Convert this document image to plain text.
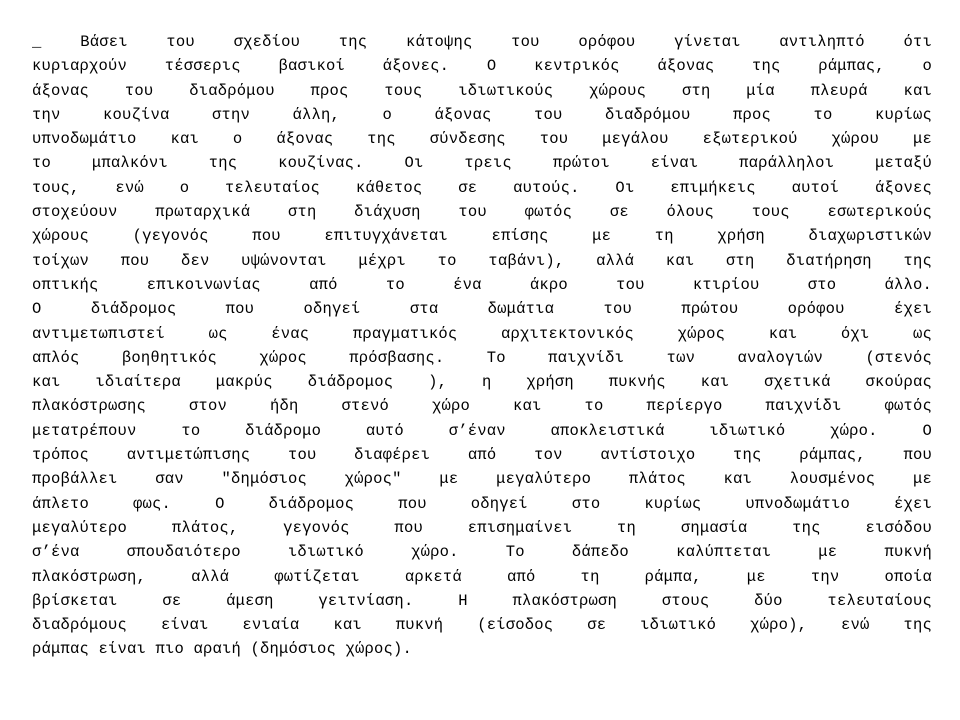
_ Βάσει του σχεδίου της κάτοψης του ορόφου γίνεται αντιληπτό ότι
κυριαρχούν τέσσερις βασικοί άξονες. Ο κεντρικός άξονας της ράμπας, ο
άξονας του διαδρόμου προς τους ιδιωτικούς χώρους στη μία πλευρά και
την κουζίνα στην άλλη, ο άξονας του διαδρόμου προς το κυρίως
υπνοδωμάτιο και ο άξονας της σύνδεσης του μεγάλου εξωτερικού χώρου με
το μπαλκόνι της κουζίνας. Οι τρεις πρώτοι είναι παράλληλοι μεταξύ
τους, ενώ ο τελευταίος κάθετος σε αυτούς. Οι επιμήκεις αυτοί άξονες
στοχεύουν πρωταρχικά στη διάχυση του φωτός σε όλους τους εσωτερικούς
χώρους (γεγονός που επιτυγχάνεται επίσης με τη χρήση διαχωριστικών
τοίχων που δεν υψώνονται μέχρι το ταβάνι), αλλά και στη διατήρηση της
οπτικής επικοινωνίας από το ένα άκρο του κτιρίου στο άλλο.
Ο διάδρομος που οδηγεί στα δωμάτια του πρώτου ορόφου έχει
αντιμετωπιστεί ως ένας πραγματικός αρχιτεκτονικός χώρος και όχι ως
απλός βοηθητικός χώρος πρόσβασης. Το παιχνίδι των αναλογιών (στενός
και ιδιαίτερα μακρύς διάδρομος ), η χρήση πυκνής και σχετικά σκούρας
πλακόστρωσης στον ήδη στενό χώρο και το περίεργο παιχνίδι φωτός
μετατρέπουν το διάδρομο αυτό σ’έναν αποκλειστικά ιδιωτικό χώρο. Ο
τρόπος αντιμετώπισης του διαφέρει από τον αντίστοιχο της ράμπας, που
προβάλλει σαν "δημόσιος χώρος" με μεγαλύτερο πλάτος και λουσμένος με
άπλετο φως. Ο διάδρομος που οδηγεί στο κυρίως υπνοδωμάτιο έχει
μεγαλύτερο πλάτος, γεγονός που επισημαίνει τη σημασία της εισόδου
σ’ένα σπουδαιότερο ιδιωτικό χώρο. Το δάπεδο καλύπτεται με πυκνή
πλακόστρωση, αλλά φωτίζεται αρκετά από τη ράμπα, με την οποία
βρίσκεται σε άμεση γειτνίαση. Η πλακόστρωση στους δύο τελευταίους
διαδρόμους είναι ενιαία και πυκνή (είσοδος σε ιδιωτικό χώρο), ενώ της
ράμπας είναι πιο αραιή (δημόσιος χώρος).
